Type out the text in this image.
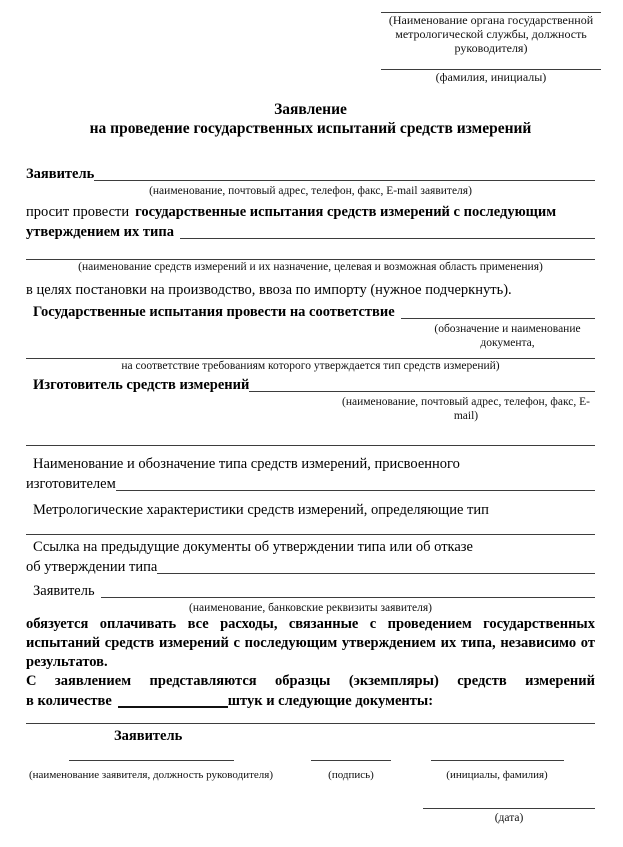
(Наименование органа государственной метрологической службы, должность руководителя)
(фамилия, инициалы)
Заявление
на проведение государственных испытаний средств измерений
Заявитель
(наименование, почтовый адрес, телефон, факс, E-mail заявителя)
просит провести государственные испытания средств измерений с последующим
утверждением их типа
(наименование средств измерений и их назначение, целевая и возможная область применения)
в целях постановки на производство, ввоза по импорту (нужное подчеркнуть).
Государственные испытания провести на соответствие
(обозначение и наименование документа,
на соответствие требованиям которого утверждается тип средств измерений)
Изготовитель средств измерений
(наименование, почтовый адрес, телефон, факс, E-mail)
Наименование и обозначение типа средств измерений, присвоенного
изготовителем
Метрологические характеристики средств измерений, определяющие тип
Ссылка на предыдущие документы об утверждении типа или об отказе
об утверждении типа
Заявитель
(наименование, банковские реквизиты заявителя)
обязуется оплачивать все расходы, связанные с проведением государственных испытаний средств измерений с последующим утверждением их типа, независимо от результатов.
С заявлением представляются образцы (экземпляры) средств измерений
в количестве	штук и следующие документы:
Заявитель
(наименование заявителя, должность руководителя)	(подпись)	(инициалы, фамилия)
(дата)
